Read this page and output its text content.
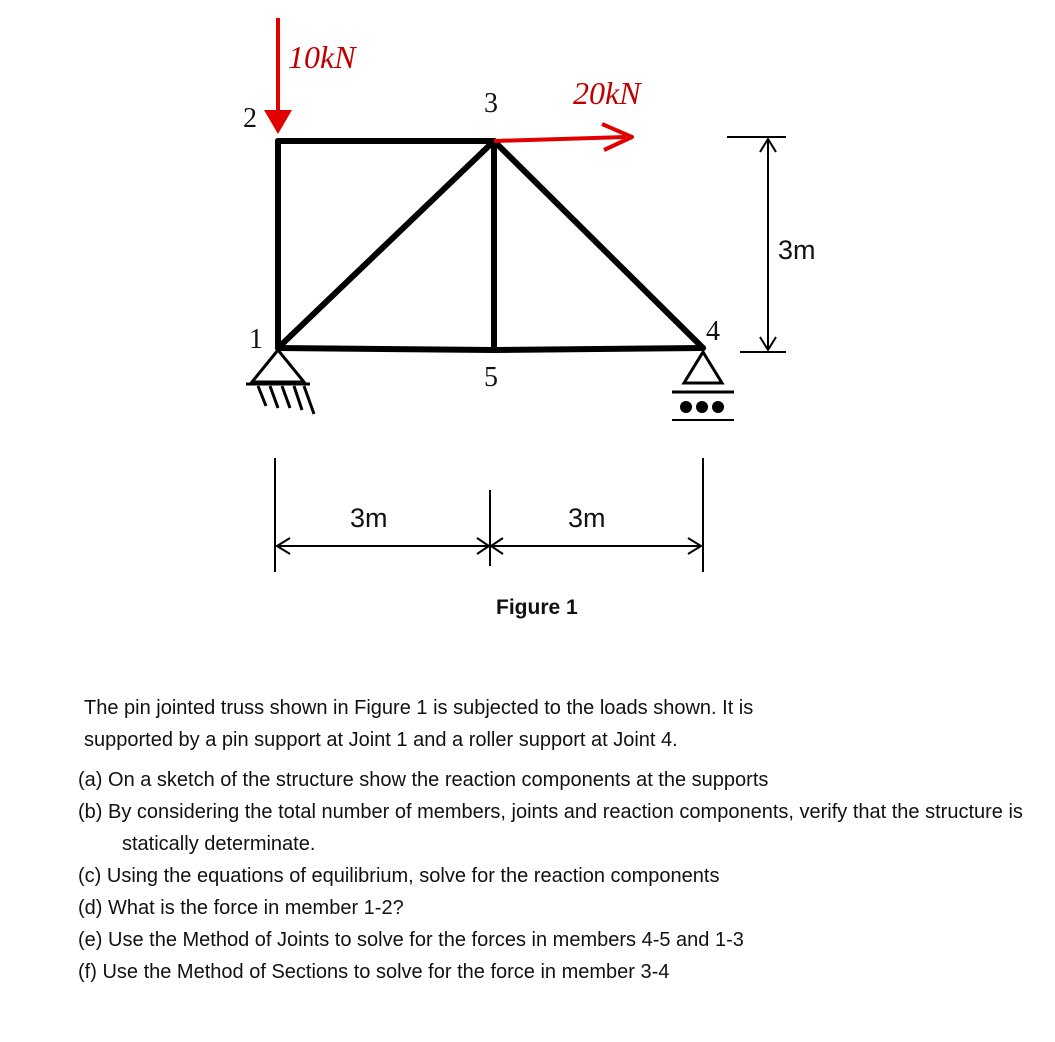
10kN
20kN
2	3
1
5
4
3m
3m	3m
Figure 1

The pin jointed truss shown in Figure 1 is subjected to the loads shown. It is

supported by a pin support at Joint 1 and a roller support at Joint 4.

(a) On a sketch of the structure show the reaction components at the supports
(b) By considering the total number of members, joints and reaction components, verify that the structure is statically determinate.
(c) Using the equations of equilibrium, solve for the reaction components
(d) What is the force in member 1-2?
(e) Use the Method of Joints to solve for the forces in members 4-5 and 1-3
(f) Use the Method of Sections to solve for the force in member 3-4
